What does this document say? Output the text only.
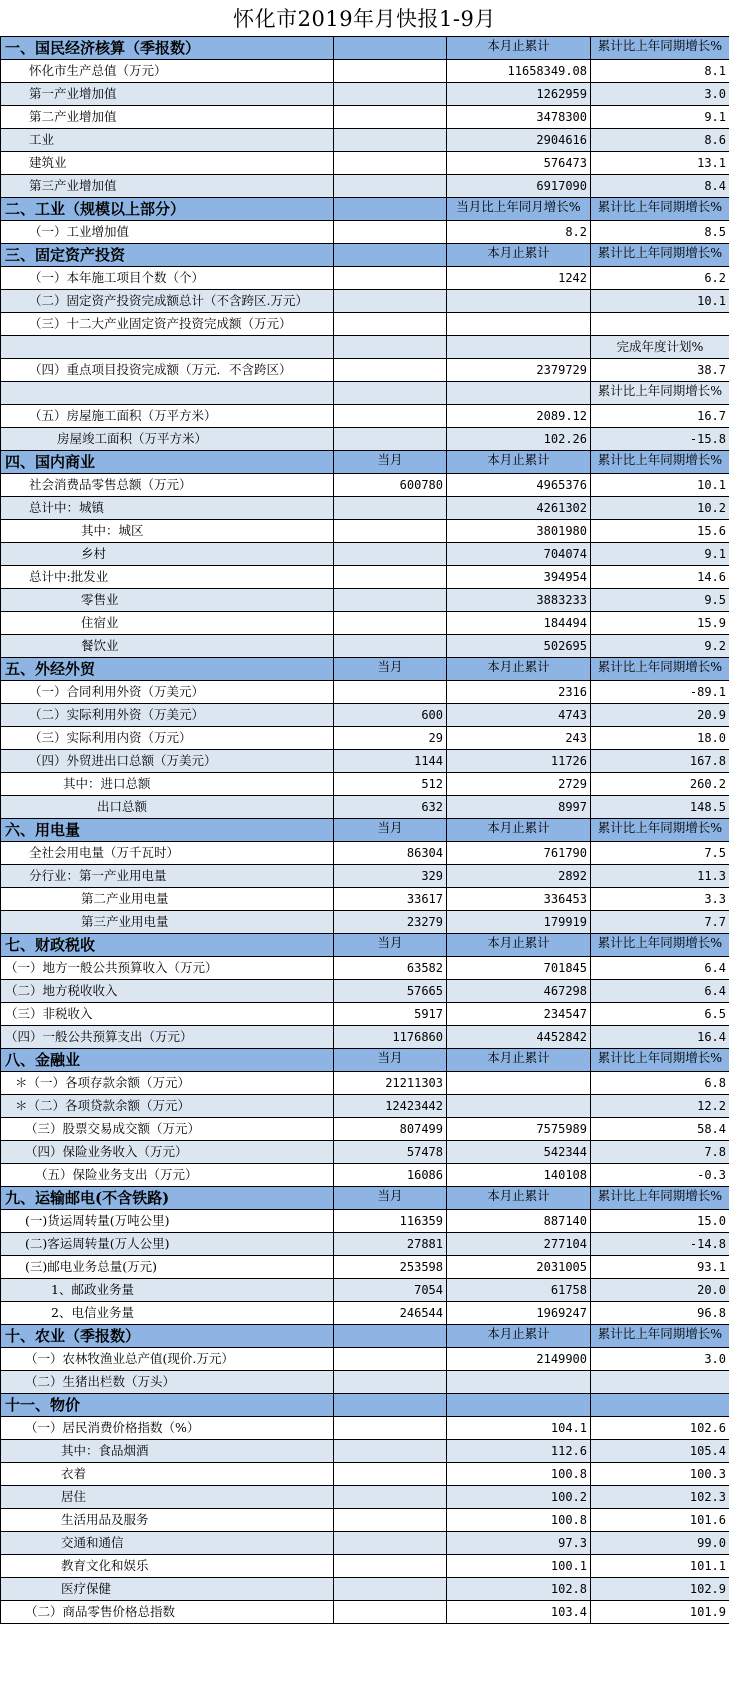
怀化市2019年月快报1-9月
一、国民经济核算（季报数）		本月止累计	累计比上年同期增长%
怀化市生产总值（万元）		11658349.08	8.1
第一产业增加值		1262959	3.0
第二产业增加值		3478300	9.1
工业		2904616	8.6
建筑业		576473	13.1
第三产业增加值		6917090	8.4
二、工业（规模以上部分）		当月比上年同月增长%	累计比上年同期增长%
（一）工业增加值		8.2	8.5
三、固定资产投资		本月止累计	累计比上年同期增长%
（一）本年施工项目个数（个）		1242	6.2
（二）固定资产投资完成额总计（不含跨区.万元）			10.1
（三）十二大产业固定资产投资完成额（万元）			
			完成年度计划%
（四）重点项目投资完成额（万元．不含跨区）		2379729	38.7
			累计比上年同期增长%
（五）房屋施工面积（万平方米）		2089.12	16.7
房屋竣工面积（万平方米）		102.26	-15.8
四、国内商业	当月	本月止累计	累计比上年同期增长%
社会消费品零售总额（万元）	600780	4965376	10.1
总计中：城镇		4261302	10.2
其中：城区		3801980	15.6
乡村		704074	9.1
总计中:批发业		394954	14.6
零售业		3883233	9.5
住宿业		184494	15.9
餐饮业		502695	9.2
五、外经外贸	当月	本月止累计	累计比上年同期增长%
（一）合同利用外资（万美元）		2316	-89.1
（二）实际利用外资（万美元）	600	4743	20.9
（三）实际利用内资（万元）	29	243	18.0
（四）外贸进出口总额（万美元）	1144	11726	167.8
其中：进口总额	512	2729	260.2
出口总额	632	8997	148.5
六、用电量	当月	本月止累计	累计比上年同期增长%
全社会用电量（万千瓦时）	86304	761790	7.5
分行业：第一产业用电量	329	2892	11.3
第二产业用电量	33617	336453	3.3
第三产业用电量	23279	179919	7.7
七、财政税收	当月	本月止累计	累计比上年同期增长%
（一）地方一般公共预算收入（万元）	63582	701845	6.4
（二）地方税收收入	57665	467298	6.4
（三）非税收入	5917	234547	6.5
（四）一般公共预算支出（万元）	1176860	4452842	16.4
八、金融业	当月	本月止累计	累计比上年同期增长%
＊（一）各项存款余额（万元）	21211303		6.8
＊（二）各项贷款余额（万元）	12423442		12.2
（三）股票交易成交额（万元）	807499	7575989	58.4
（四）保险业务收入（万元）	57478	542344	7.8
（五）保险业务支出（万元）	16086	140108	-0.3
九、运输邮电(不含铁路)	当月	本月止累计	累计比上年同期增长%
(一)货运周转量(万吨公里)	116359	887140	15.0
(二)客运周转量(万人公里)	27881	277104	-14.8
(三)邮电业务总量(万元)	253598	2031005	93.1
1、邮政业务量	7054	61758	20.0
2、电信业务量	246544	1969247	96.8
十、农业（季报数）		本月止累计	累计比上年同期增长%
（一）农林牧渔业总产值(现价.万元）		2149900	3.0
（二）生猪出栏数（万头）			
十一、物价			
（一）居民消费价格指数（%）		104.1	102.6
其中：食品烟酒		112.6	105.4
衣着		100.8	100.3
居住		100.2	102.3
生活用品及服务		100.8	101.6
交通和通信		97.3	99.0
教育文化和娱乐		100.1	101.1
医疗保健		102.8	102.9
（二）商品零售价格总指数		103.4	101.9
